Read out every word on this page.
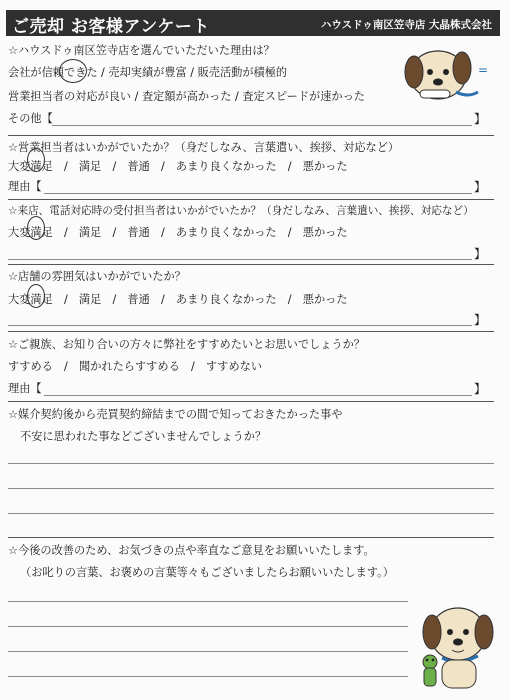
ご売却 お客様アンケート	ハウスドゥ南区笠寺店 大晶株式会社
☆ハウスドゥ南区笠寺店を選んでいただいた理由は？
会社が信頼できた / 売却実績が豊富 / 販売活動が積極的
営業担当者の対応が良い / 査定額が高かった / 査定スピードが速かった
その他【	】
=
☆営業担当者はいかがでいたか？（身だしなみ、言葉遣い、挨拶、対応など）
大変満足　/　満足　/　普通　/　あまり良くなかった　/　悪かった
理由【	】
☆来店、電話対応時の受付担当者はいかがでいたか？（身だしなみ、言葉遣い、挨拶、対応など）
大変満足　/　満足　/　普通　/　あまり良くなかった　/　悪かった
】
☆店舗の雰囲気はいかがでいたか？
大変満足　/　満足　/　普通　/　あまり良くなかった　/　悪かった
】
☆ご親族、お知り合いの方々に弊社をすすめたいとお思いでしょうか？
すすめる　/　聞かれたらすすめる　/　すすめない
理由【	】
☆媒介契約後から売買契約締結までの間で知っておきたかった事や
不安に思われた事などございませんでしょうか？
☆今後の改善のため、お気づきの点や率直なご意見をお願いいたします。
（お叱りの言葉、お褒めの言葉等々もございましたらお願いいたします。）
